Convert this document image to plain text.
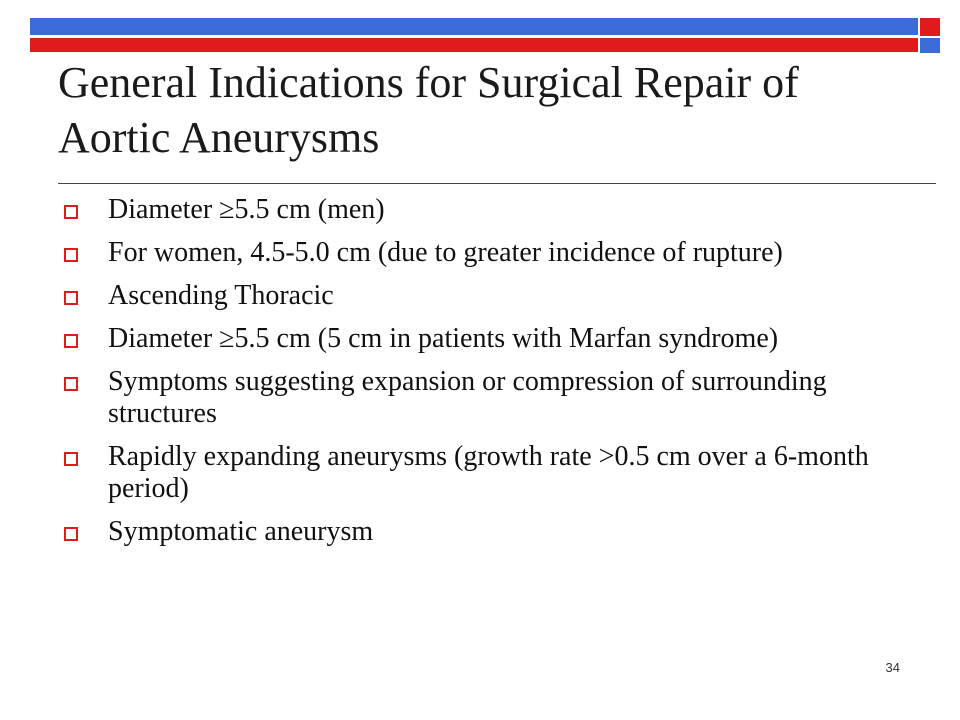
General Indications for Surgical Repair of Aortic Aneurysms
Diameter ≥5.5 cm (men)
For women, 4.5-5.0 cm (due to greater incidence of rupture)
Ascending Thoracic
Diameter ≥5.5 cm (5 cm in patients with Marfan syndrome)
Symptoms suggesting expansion or compression of surrounding structures
Rapidly expanding aneurysms (growth rate >0.5 cm over a 6-month period)
Symptomatic aneurysm
34
